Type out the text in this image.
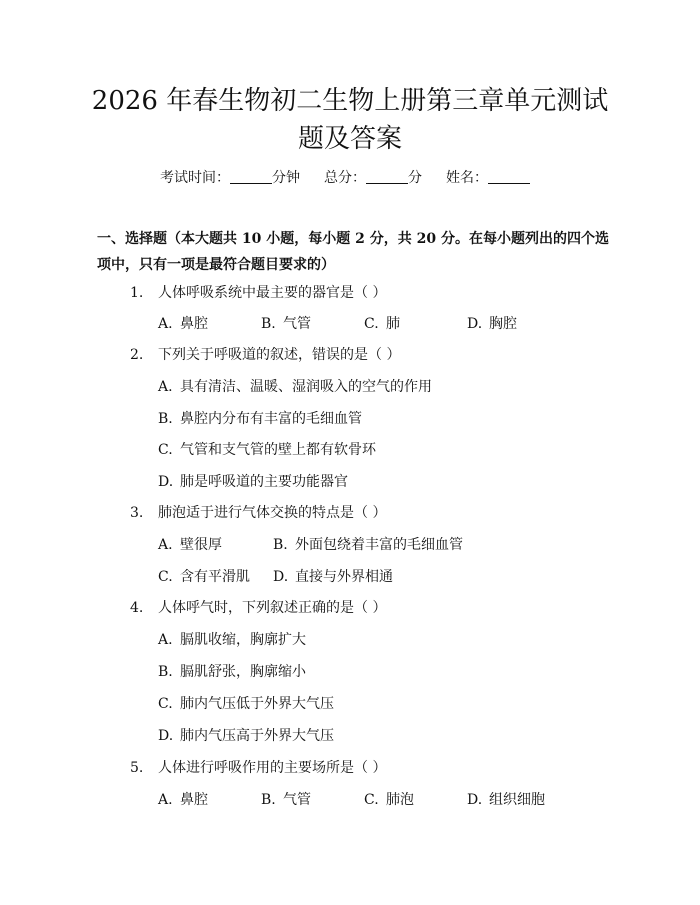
2026 年春生物初二生物上册第三章单元测试
题及答案
考试时间：	分钟 总分：	分 姓名：
一、选择题（本大题共 10 小题，每小题 2 分，共 20 分。在每小题列出的四个选项中，只有一项是最符合题目要求的）
1. 人体呼吸系统中最主要的器官是（ ）
A. 鼻腔	B. 气管	C. 肺	D. 胸腔
2. 下列关于呼吸道的叙述，错误的是（ ）
A. 具有清洁、温暖、湿润吸入的空气的作用
B. 鼻腔内分布有丰富的毛细血管
C. 气管和支气管的壁上都有软骨环
D. 肺是呼吸道的主要功能器官
3. 肺泡适于进行气体交换的特点是（ ）
A. 壁很厚	B. 外面包绕着丰富的毛细血管
C. 含有平滑肌 D. 直接与外界相通
4. 人体呼气时，下列叙述正确的是（ ）
A. 膈肌收缩，胸廓扩大
B. 膈肌舒张，胸廓缩小
C. 肺内气压低于外界大气压
D. 肺内气压高于外界大气压
5. 人体进行呼吸作用的主要场所是（ ）
A. 鼻腔	B. 气管	C. 肺泡	D. 组织细胞
